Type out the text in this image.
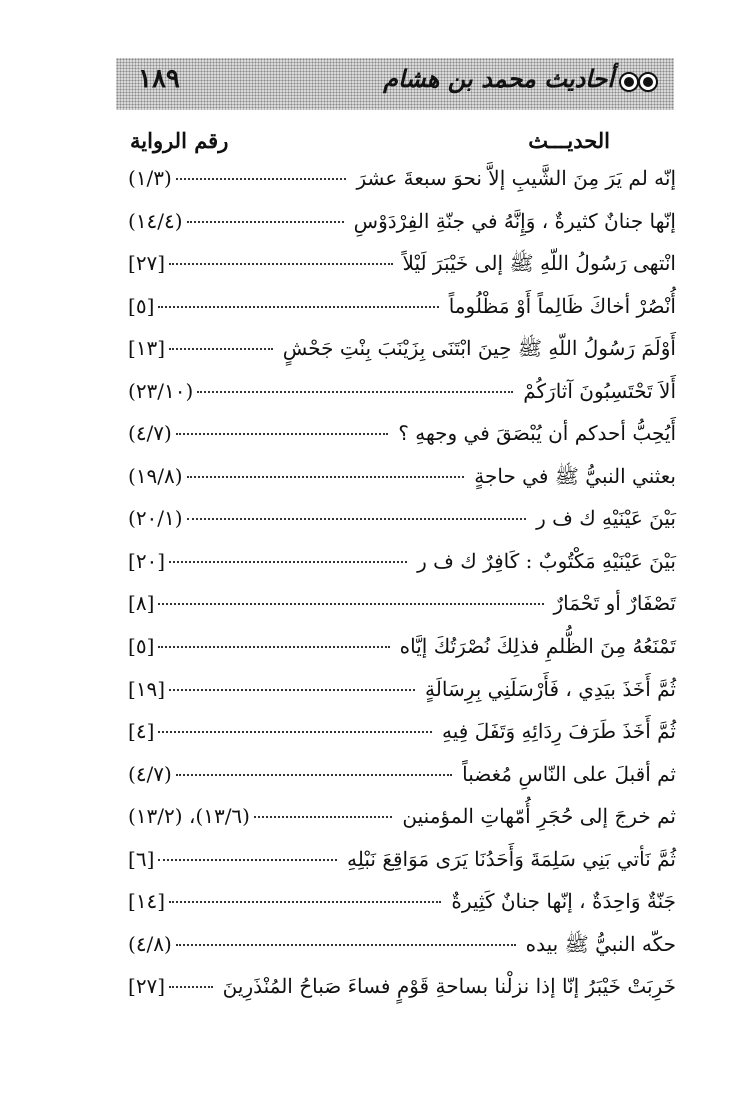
١٨٩	أحاديث محمد بن هشام
الحديـــث
رقم الرواية
إنّه لم يَرَ مِنَ الشَّيبِ إلاَّ نحوَ سبعةَ عشرَ
(١/٣)
إنّها جنانٌ كثيرةٌ ، وَإِنَّهُ في جنّةِ الفِرْدَوْسِ
(١٤/٤)
انْتهى رَسُولُ اللّهِ ﷺ إلى خَيْبَرَ لَيْلاً
[٢٧]
أُنْصُرْ أخاكَ ظَالِماً أَوْ مَظْلُوماً
[٥]
أَوْلَمَ رَسُولُ اللّهِ ﷺ حِينَ ابْتَنَى بِزَيْنَبَ بِنْتِ جَحْشٍ
[١٣]
أَلاَ تَحْتَسِبُونَ آثارَكُمْ
(٢٣/١٠)
أَيُحِبُّ أحدكم أن يُبْصَقَ في وجههِ ؟
(٤/٧)
بعثني النبيُّ ﷺ في حاجةٍ
(١٩/٨)
بَيْنَ عَيْنَيْهِ ك ف ر
(٢٠/١)
بَيْنَ عَيْنَيْهِ مَكْتُوبٌ : كَافِرٌ ك ف ر
[٢٠]
تَصْفَارٌ أو تَحْمَارٌ
[٨]
تَمْنَعُهُ مِنَ الظُّلمِ فذلِكَ نُصْرَتُكَ إيَّاه
[٥]
ثُمَّ أَخَذَ بيَدِي ، فَأَرْسَلَنِي بِرِسَالَةٍ
[١٩]
ثُمَّ أَخَذَ طَرَفَ رِدَائِهِ وَتَفَلَ فِيهِ
[٤]
ثم أقبلَ على النّاسِ مُغضباً
(٤/٧)
ثم خرجَ إلى حُجَرِ أُمّهاتِ المؤمنين
(١٣/٢) ،(١٣/٦)
ثُمَّ نَأتي بَنِي سَلِمَةَ وَأَحَدُنَا يَرَى مَوَاقِعَ نَبْلِهِ
[٦]
جَنّةٌ وَاحِدَةٌ ، إنّها جنانٌ كَثِيرةٌ
[١٤]
حكّه النبيُّ ﷺ بيده
(٤/٨)
خَرِبَتْ خَيْبَرُ إنّا إذا نزلْنا بساحةِ قَوْمٍ فساءَ صَباحُ المُنْذَرِينَ
[٢٧]
